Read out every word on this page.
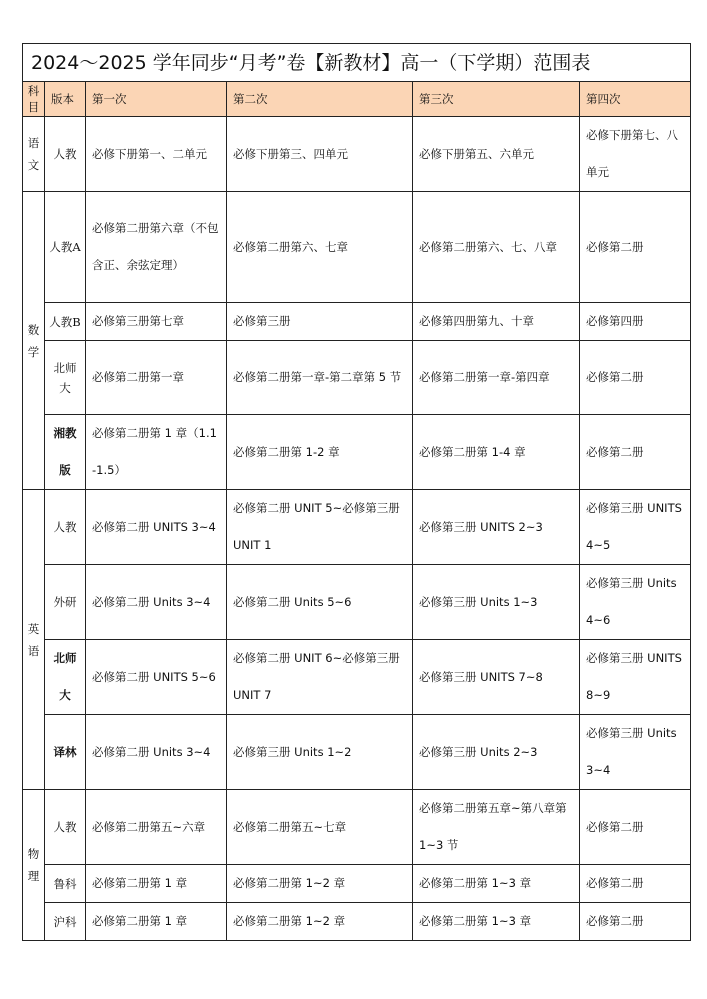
2024～2025 学年同步“月考”卷【新教材】高一（下学期）范围表					
科目	版本	第一次	第二次	第三次	第四次
语文	人教	必修下册第一、二单元	必修下册第三、四单元	必修下册第五、六单元	必修下册第七、八单元
数学	人教A	必修第二册第六章（不包含正、余弦定理）	必修第二册第六、七章	必修第二册第六、七、八章	必修第二册
	人教B	必修第三册第七章	必修第三册	必修第四册第九、十章	必修第四册
	北师大	必修第二册第一章	必修第二册第一章-第二章第 5 节	必修第二册第一章-第四章	必修第二册
	湘教版	必修第二册第 1 章（1.1-1.5）	必修第二册第 1-2 章	必修第二册第 1-4 章	必修第二册
英语	人教	必修第二册 UNITS 3~4	必修第二册 UNIT 5~必修第三册 UNIT 1	必修第三册 UNITS 2~3	必修第三册 UNITS 4~5
	外研	必修第二册 Units 3~4	必修第二册 Units 5~6	必修第三册 Units 1~3	必修第三册 Units 4~6
	北师大	必修第二册 UNITS 5~6	必修第二册 UNIT 6~必修第三册 UNIT 7	必修第三册 UNITS 7~8	必修第三册 UNITS 8~9
	译林	必修第二册 Units 3~4	必修第三册 Units 1~2	必修第三册 Units 2~3	必修第三册 Units 3~4
物理	人教	必修第二册第五~六章	必修第二册第五~七章	必修第二册第五章~第八章第 1~3 节	必修第二册
	鲁科	必修第二册第 1 章	必修第二册第 1~2 章	必修第二册第 1~3 章	必修第二册
	沪科	必修第二册第 1 章	必修第二册第 1~2 章	必修第二册第 1~3 章	必修第二册
